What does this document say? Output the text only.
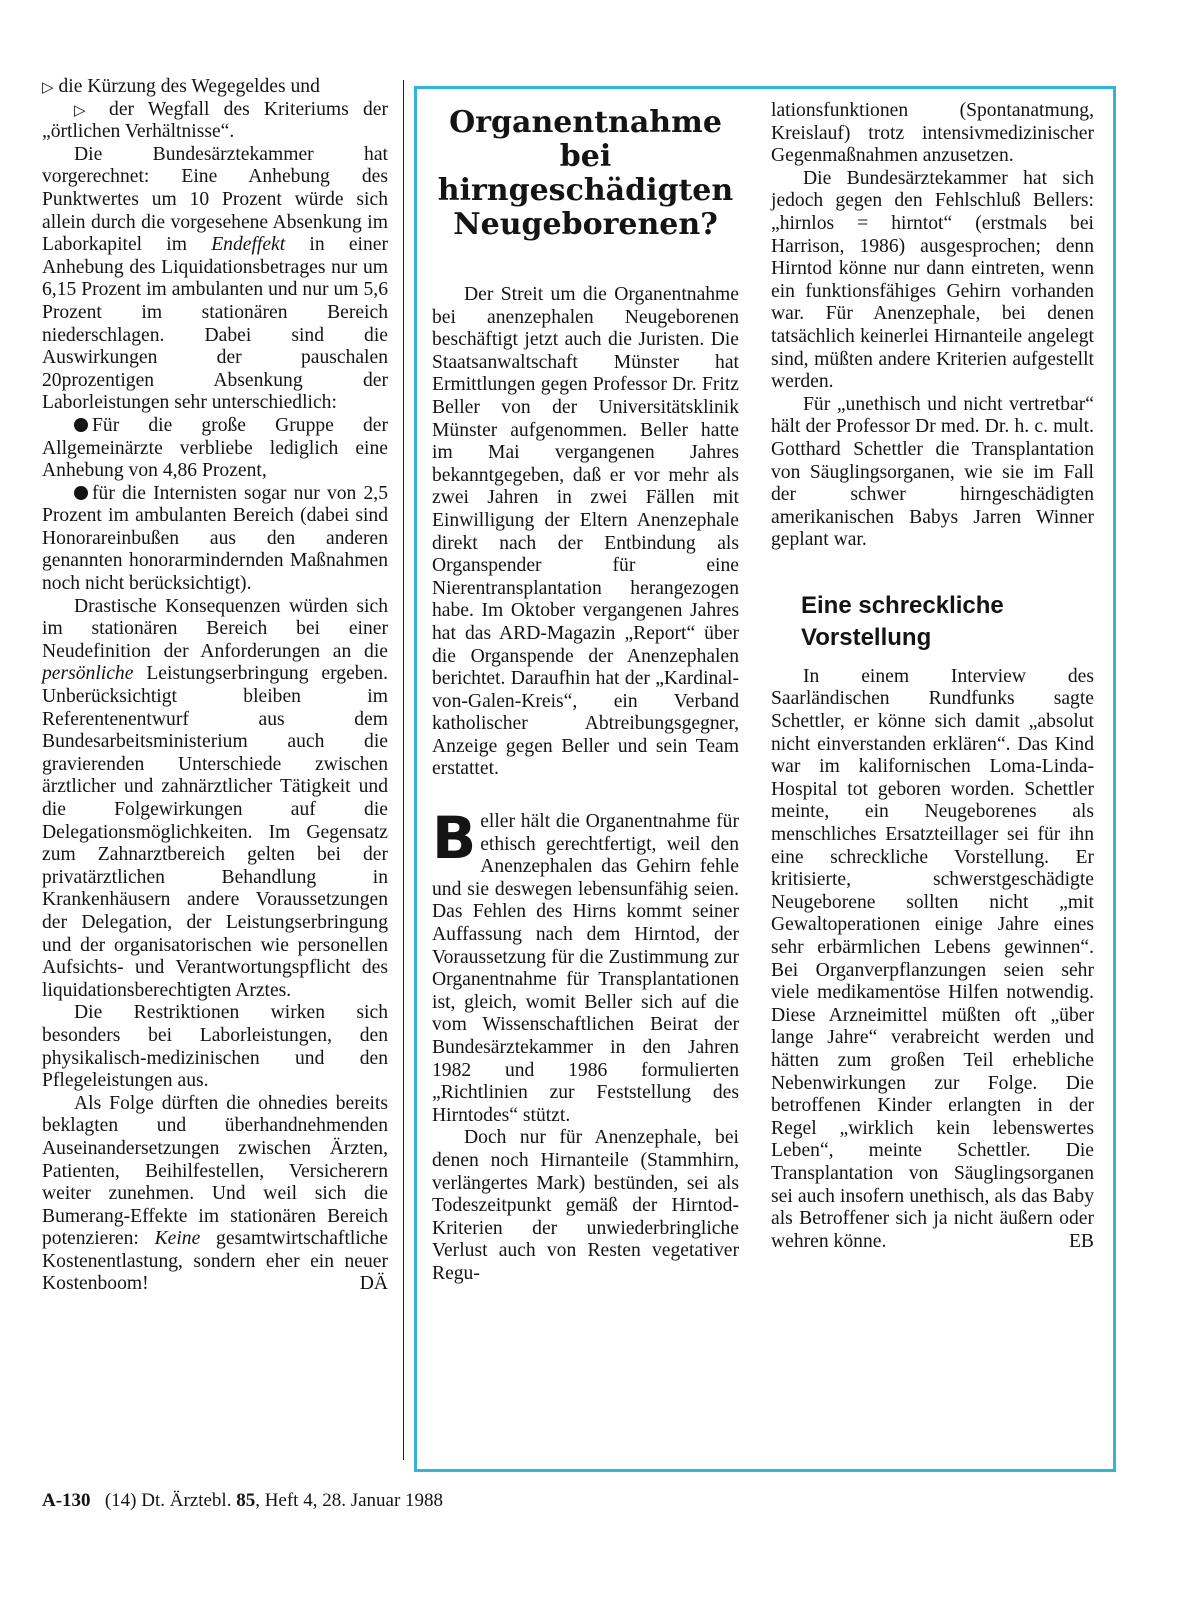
▷ die Kürzung des Wegegeldes und

▷ der Wegfall des Kriteriums der „örtlichen Verhältnisse“.

Die Bundesärztekammer hat vorgerechnet: Eine Anhebung des Punktwertes um 10 Prozent würde sich allein durch die vorgesehene Absenkung im Laborkapitel im Endeffekt in einer Anhebung des Liquidationsbetrages nur um 6,15 Prozent im ambulanten und nur um 5,6 Prozent im stationären Bereich niederschlagen. Dabei sind die Auswirkungen der pauschalen 20prozentigen Absenkung der Laborleistungen sehr unterschiedlich:

Für die große Gruppe der Allgemeinärzte verbliebe lediglich eine Anhebung von 4,86 Prozent,

für die Internisten sogar nur von 2,5 Prozent im ambulanten Bereich (dabei sind Honorareinbußen aus den anderen genannten honorarmindernden Maßnahmen noch nicht berücksichtigt).

Drastische Konsequenzen würden sich im stationären Bereich bei einer Neudefinition der Anforderungen an die persönliche Leistungserbringung ergeben. Unberücksichtigt bleiben im Referentenentwurf aus dem Bundesarbeitsministerium auch die gravierenden Unterschiede zwischen ärztlicher und zahnärztlicher Tätigkeit und die Folgewirkungen auf die Delegationsmöglichkeiten. Im Gegensatz zum Zahnarztbereich gelten bei der privatärztlichen Behandlung in Krankenhäusern andere Voraussetzungen der Delegation, der Leistungserbringung und der organisatorischen wie personellen Aufsichts- und Verantwortungspflicht des liquidationsberechtigten Arztes.

Die Restriktionen wirken sich besonders bei Laborleistungen, den physikalisch-medizinischen und den Pflegeleistungen aus.

Als Folge dürften die ohnedies bereits beklagten und überhandnehmenden Auseinandersetzungen zwischen Ärzten, Patienten, Beihilfestellen, Versicherern weiter zunehmen. Und weil sich die Bumerang-Effekte im stationären Bereich potenzieren: Keine gesamtwirtschaftliche Kostenentlastung, sondern eher ein neuer Kostenboom!	DÄ

Organentnahme
bei
hirngeschädigten
Neugeborenen?

Der Streit um die Organentnahme bei anenzephalen Neugeborenen beschäftigt jetzt auch die Juristen. Die Staatsanwaltschaft Münster hat Ermittlungen gegen Professor Dr. Fritz Beller von der Universitätsklinik Münster aufgenommen. Beller hatte im Mai vergangenen Jahres bekanntgegeben, daß er vor mehr als zwei Jahren in zwei Fällen mit Einwilligung der Eltern Anenzephale direkt nach der Entbindung als Organspender für eine Nierentransplantation herangezogen habe. Im Oktober vergangenen Jahres hat das ARD-Magazin „Report“ über die Organspende der Anenzephalen berichtet. Daraufhin hat der „Kardinal-von-Galen-Kreis“, ein Verband katholischer Abtreibungsgegner, Anzeige gegen Beller und sein Team erstattet.

Beller hält die Organentnahme für ethisch gerechtfertigt, weil den Anenzephalen das Gehirn fehle und sie deswegen lebensunfähig seien. Das Fehlen des Hirns kommt seiner Auffassung nach dem Hirntod, der Voraussetzung für die Zustimmung zur Organentnahme für Transplantationen ist, gleich, womit Beller sich auf die vom Wissenschaftlichen Beirat der Bundesärztekammer in den Jahren 1982 und 1986 formulierten „Richtlinien zur Feststellung des Hirntodes“ stützt.

Doch nur für Anenzephale, bei denen noch Hirnanteile (Stammhirn, verlängertes Mark) bestünden, sei als Todeszeitpunkt gemäß der Hirntod-Kriterien der unwiederbringliche Verlust auch von Resten vegetativer Regu-

lationsfunktionen (Spontanatmung, Kreislauf) trotz intensivmedizinischer Gegenmaßnahmen anzusetzen.

Die Bundesärztekammer hat sich jedoch gegen den Fehlschluß Bellers: „hirnlos = hirntot“ (erstmals bei Harrison, 1986) ausgesprochen; denn Hirntod könne nur dann eintreten, wenn ein funktionsfähiges Gehirn vorhanden war. Für Anenzephale, bei denen tatsächlich keinerlei Hirnanteile angelegt sind, müßten andere Kriterien aufgestellt werden.

Für „unethisch und nicht vertretbar“ hält der Professor Dr med. Dr. h. c. mult. Gotthard Schettler die Transplantation von Säuglingsorganen, wie sie im Fall der schwer hirngeschädigten amerikanischen Babys Jarren Winner geplant war.

Eine schreckliche
Vorstellung

In einem Interview des Saarländischen Rundfunks sagte Schettler, er könne sich damit „absolut nicht einverstanden erklären“. Das Kind war im kalifornischen Loma-Linda-Hospital tot geboren worden. Schettler meinte, ein Neugeborenes als menschliches Ersatzteillager sei für ihn eine schreckliche Vorstellung. Er kritisierte, schwerstgeschädigte Neugeborene sollten nicht „mit Gewaltoperationen einige Jahre eines sehr erbärmlichen Lebens gewinnen“. Bei Organverpflanzungen seien sehr viele medikamentöse Hilfen notwendig. Diese Arzneimittel müßten oft „über lange Jahre“ verabreicht werden und hätten zum großen Teil erhebliche Nebenwirkungen zur Folge. Die betroffenen Kinder erlangten in der Regel „wirklich kein lebenswertes Leben“, meinte Schettler. Die Transplantation von Säuglingsorganen sei auch insofern unethisch, als das Baby als Betroffener sich ja nicht äußern oder wehren könne.	EB

A-130 (14) Dt. Ärztebl. 85, Heft 4, 28. Januar 1988
